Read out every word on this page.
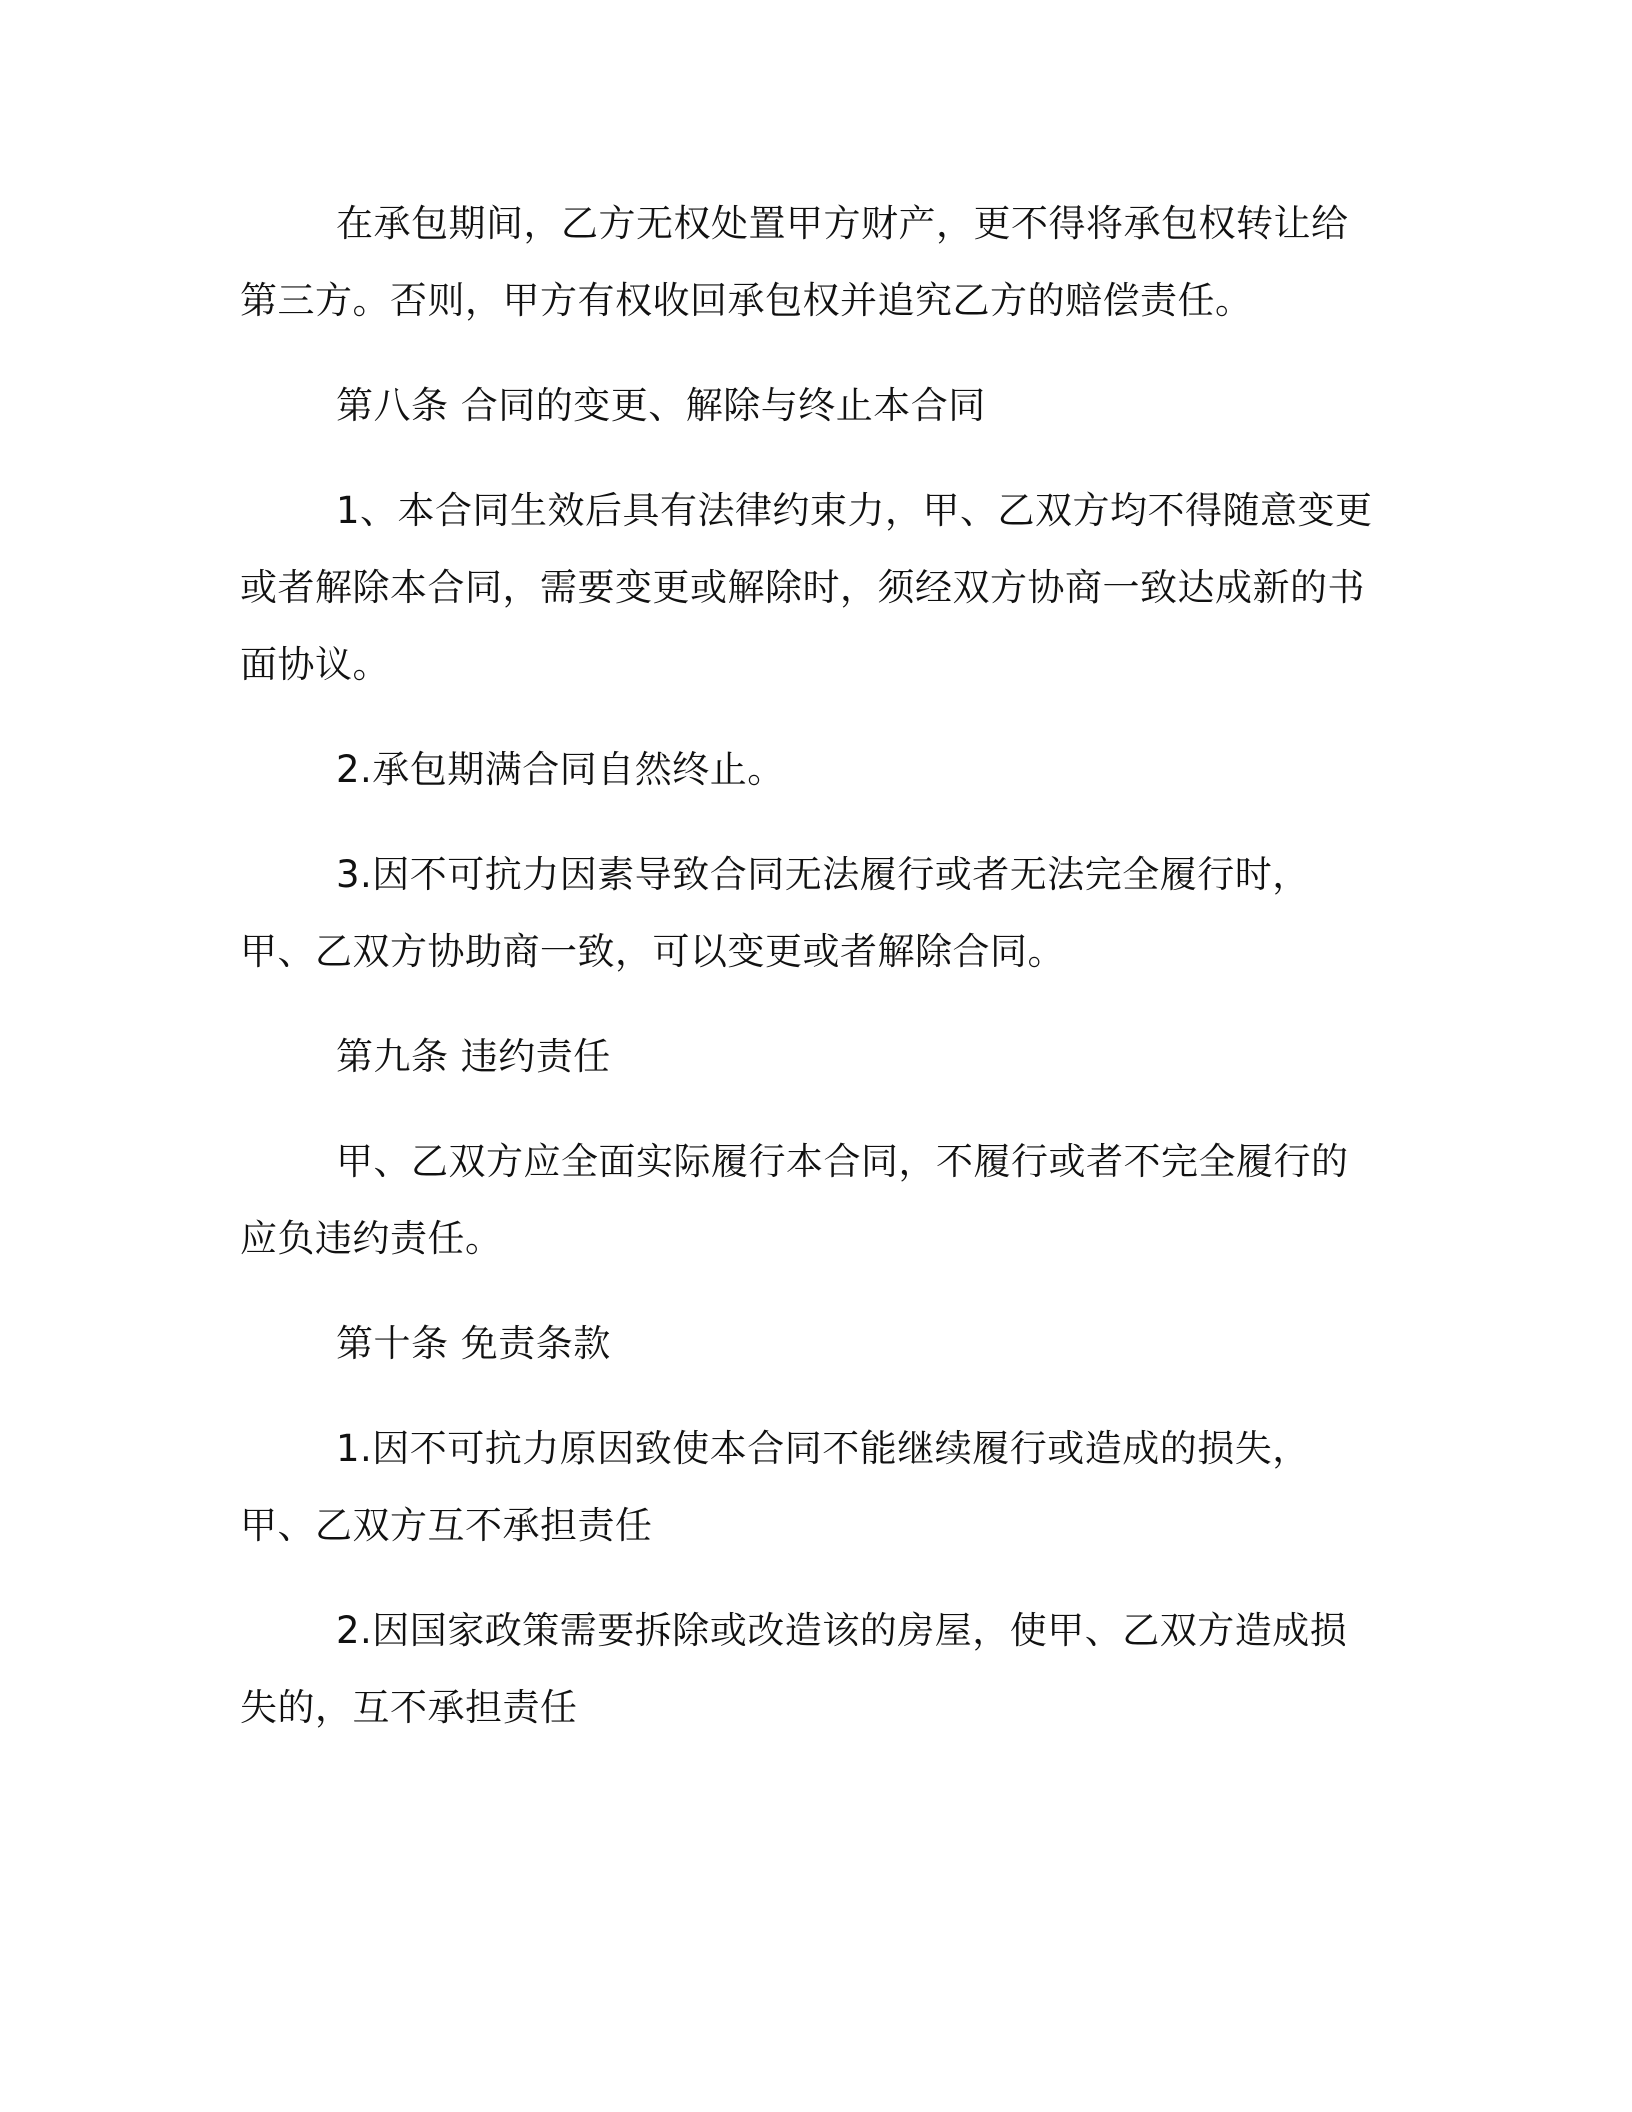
在承包期间，乙方无权处置甲方财产，更不得将承包权转让给第三方。否则，甲方有权收回承包权并追究乙方的赔偿责任。

第八条 合同的变更、解除与终止本合同

1、本合同生效后具有法律约束力，甲、乙双方均不得随意变更或者解除本合同，需要变更或解除时，须经双方协商一致达成新的书面协议。

2.承包期满合同自然终止。

3.因不可抗力因素导致合同无法履行或者无法完全履行时，甲、乙双方协助商一致，可以变更或者解除合同。

第九条 违约责任

甲、乙双方应全面实际履行本合同，不履行或者不完全履行的应负违约责任。

第十条 免责条款

1.因不可抗力原因致使本合同不能继续履行或造成的损失，甲、乙双方互不承担责任

2.因国家政策需要拆除或改造该的房屋，使甲、乙双方造成损失的，互不承担责任
